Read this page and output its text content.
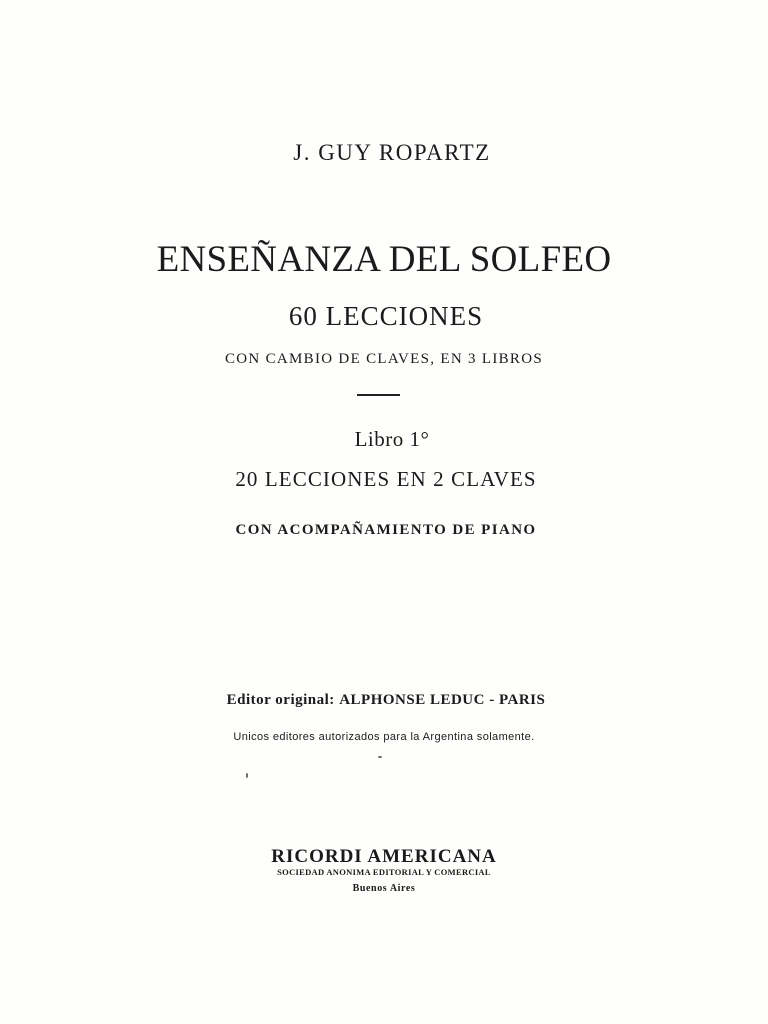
J. GUY ROPARTZ
ENSEÑANZA DEL SOLFEO
60 LECCIONES
CON CAMBIO DE CLAVES, EN 3 LIBROS
Libro 1°
20 LECCIONES EN 2 CLAVES
CON ACOMPAÑAMIENTO DE PIANO
Editor original: ALPHONSE LEDUC - PARIS
Unicos editores autorizados para la Argentina solamente.
RICORDI AMERICANA
SOCIEDAD ANONIMA EDITORIAL Y COMERCIAL
Buenos Aires
